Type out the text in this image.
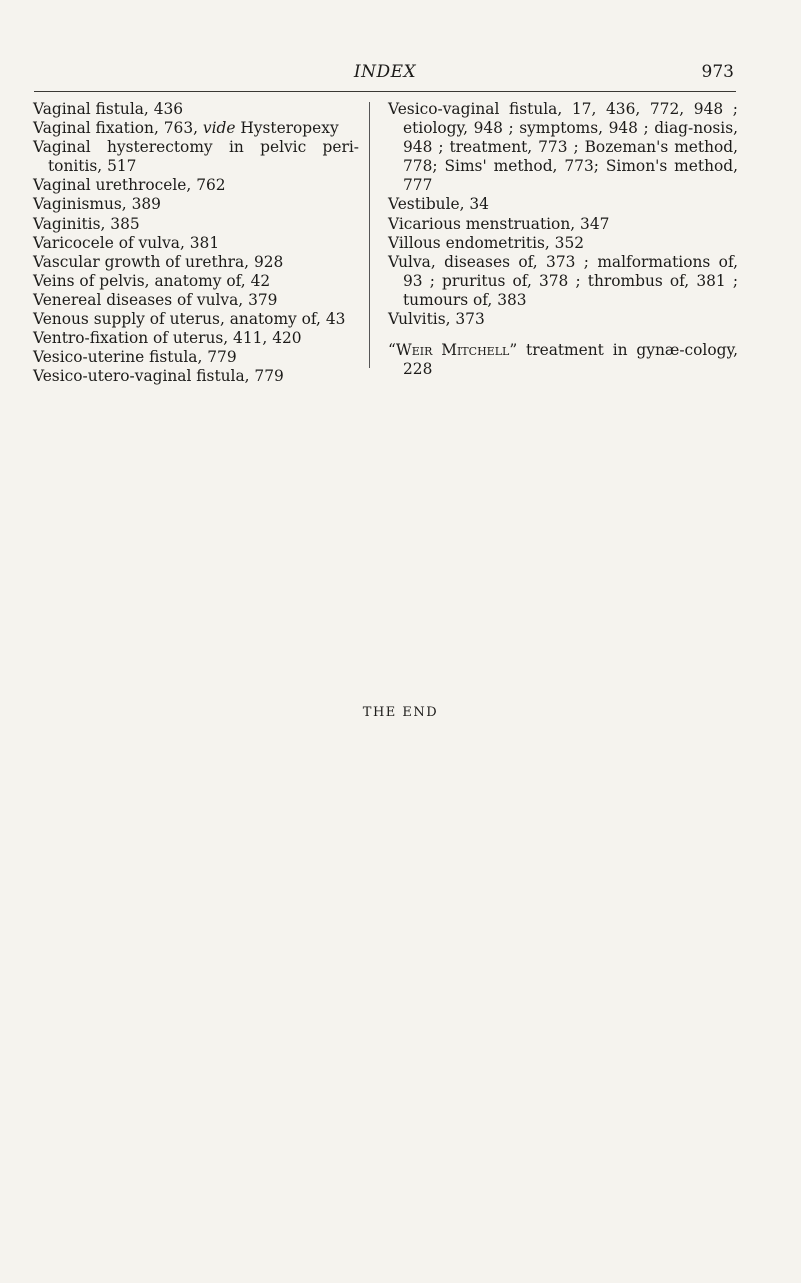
INDEX	973

Vaginal fistula, 436

Vaginal fixation, 763, vide Hysteropexy

Vaginal hysterectomy in pelvic peri-tonitis, 517

Vaginal urethrocele, 762

Vaginismus, 389

Vaginitis, 385

Varicocele of vulva, 381

Vascular growth of urethra, 928

Veins of pelvis, anatomy of, 42

Venereal diseases of vulva, 379

Venous supply of uterus, anatomy of, 43

Ventro-fixation of uterus, 411, 420

Vesico-uterine fistula, 779

Vesico-utero-vaginal fistula, 779

Vesico-vaginal fistula, 17, 436, 772, 948 ; etiology, 948 ; symptoms, 948 ; diag-nosis, 948 ; treatment, 773 ; Bozeman's method, 778; Sims' method, 773; Simon's method, 777

Vestibule, 34

Vicarious menstruation, 347

Villous endometritis, 352

Vulva, diseases of, 373 ; malformations of, 93 ; pruritus of, 378 ; thrombus of, 381 ; tumours of, 383

Vulvitis, 373

“Weir Mitchell” treatment in gynæ-cology, 228

THE END
